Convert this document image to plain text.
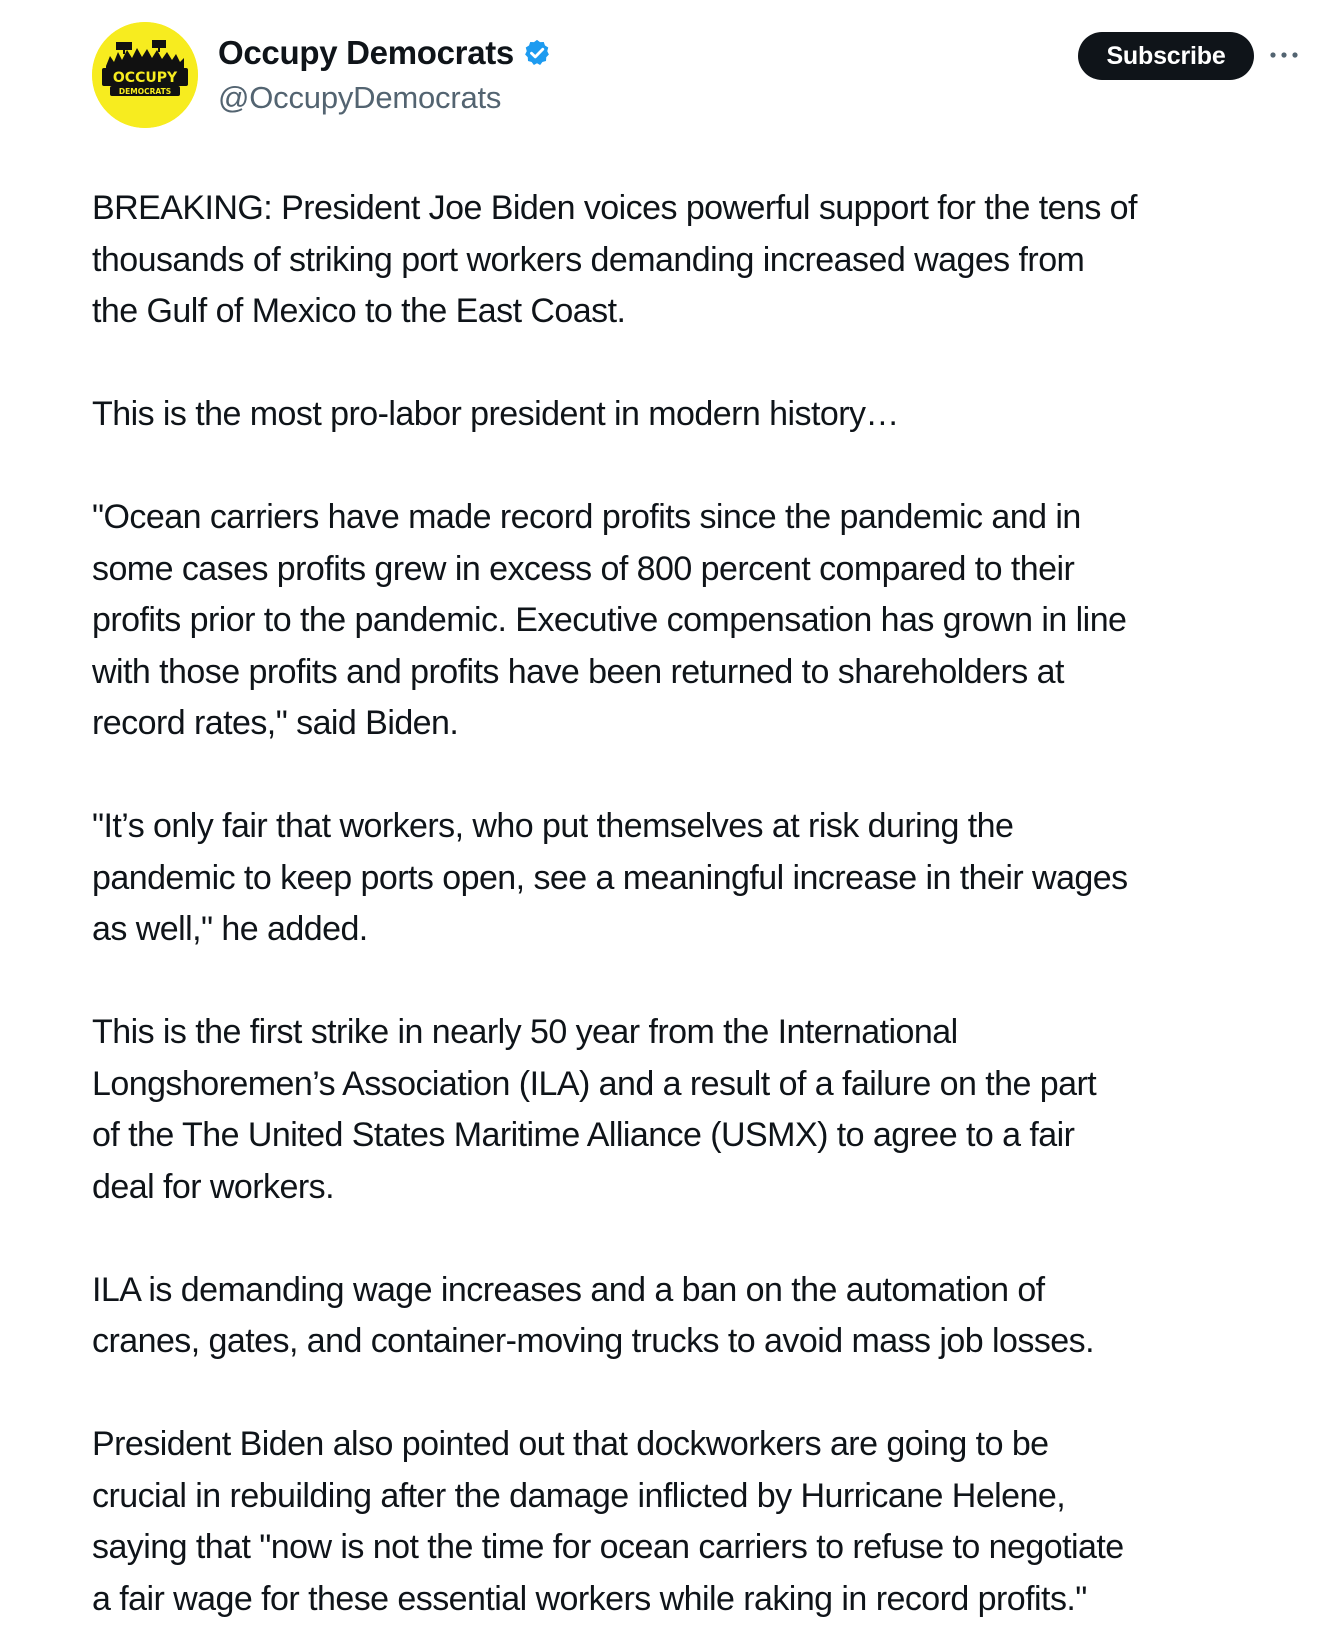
OCCUPY
DEMOCRATS
Occupy Democrats
@OccupyDemocrats
Subscribe

BREAKING: President Joe Biden voices powerful support for the tens of
thousands of striking port workers demanding increased wages from
the Gulf of Mexico to the East Coast.

This is the most pro-labor president in modern history…

"Ocean carriers have made record profits since the pandemic and in
some cases profits grew in excess of 800 percent compared to their
profits prior to the pandemic. Executive compensation has grown in line
with those profits and profits have been returned to shareholders at
record rates," said Biden.

"It’s only fair that workers, who put themselves at risk during the
pandemic to keep ports open, see a meaningful increase in their wages
as well," he added.

This is the first strike in nearly 50 year from the International
Longshoremen’s Association (ILA) and a result of a failure on the part
of the The United States Maritime Alliance (USMX) to agree to a fair
deal for workers.

ILA is demanding wage increases and a ban on the automation of
cranes, gates, and container-moving trucks to avoid mass job losses.

President Biden also pointed out that dockworkers are going to be
crucial in rebuilding after the damage inflicted by Hurricane Helene,
saying that "now is not the time for ocean carriers to refuse to negotiate
a fair wage for these essential workers while raking in record profits."
